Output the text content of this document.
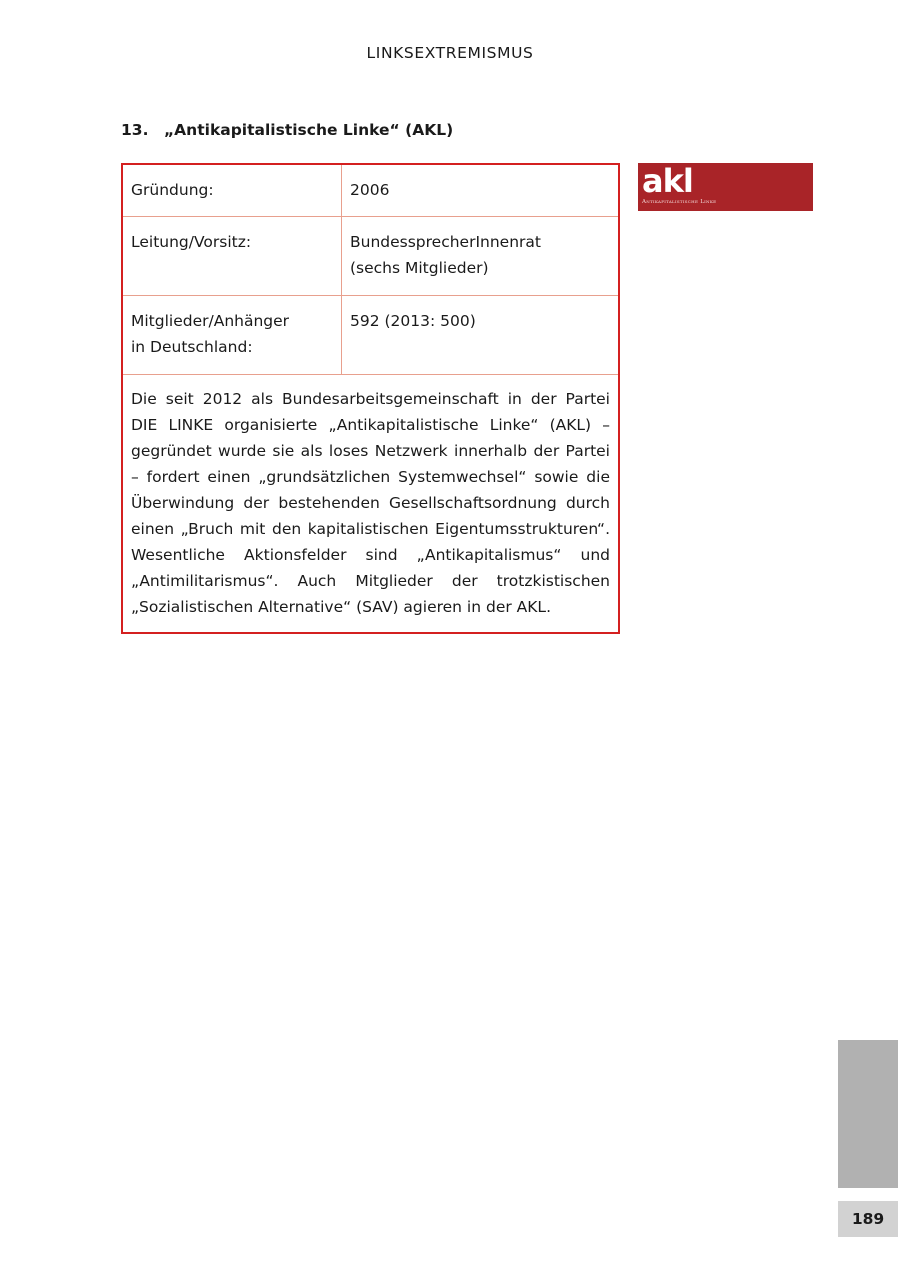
LINKSEXTREMISMUS
13. „Antikapitalistische Linke“ (AKL)
Gründung:	2006
Leitung/Vorsitz:	BundessprecherInnenrat
(sechs Mitglieder)
Mitglieder/Anhänger
in Deutschland:
592 (2013: 500)
Die seit 2012 als Bundesarbeitsgemeinschaft in der Partei DIE LINKE organisierte „Antikapitalistische Linke“ (AKL) – gegründet wurde sie als loses Netzwerk innerhalb der Partei – fordert einen „grundsätzlichen Systemwechsel“ sowie die Überwindung der bestehenden Gesellschaftsordnung durch einen „Bruch mit den kapitalistischen Eigentumsstrukturen“. Wesentliche Aktionsfelder sind „Antikapitalismus“ und „Antimilitarismus“. Auch Mitglieder der trotzkistischen „Sozialistischen Alternative“ (SAV) agieren in der AKL.
akl
Antikapitalistische Linke
189
